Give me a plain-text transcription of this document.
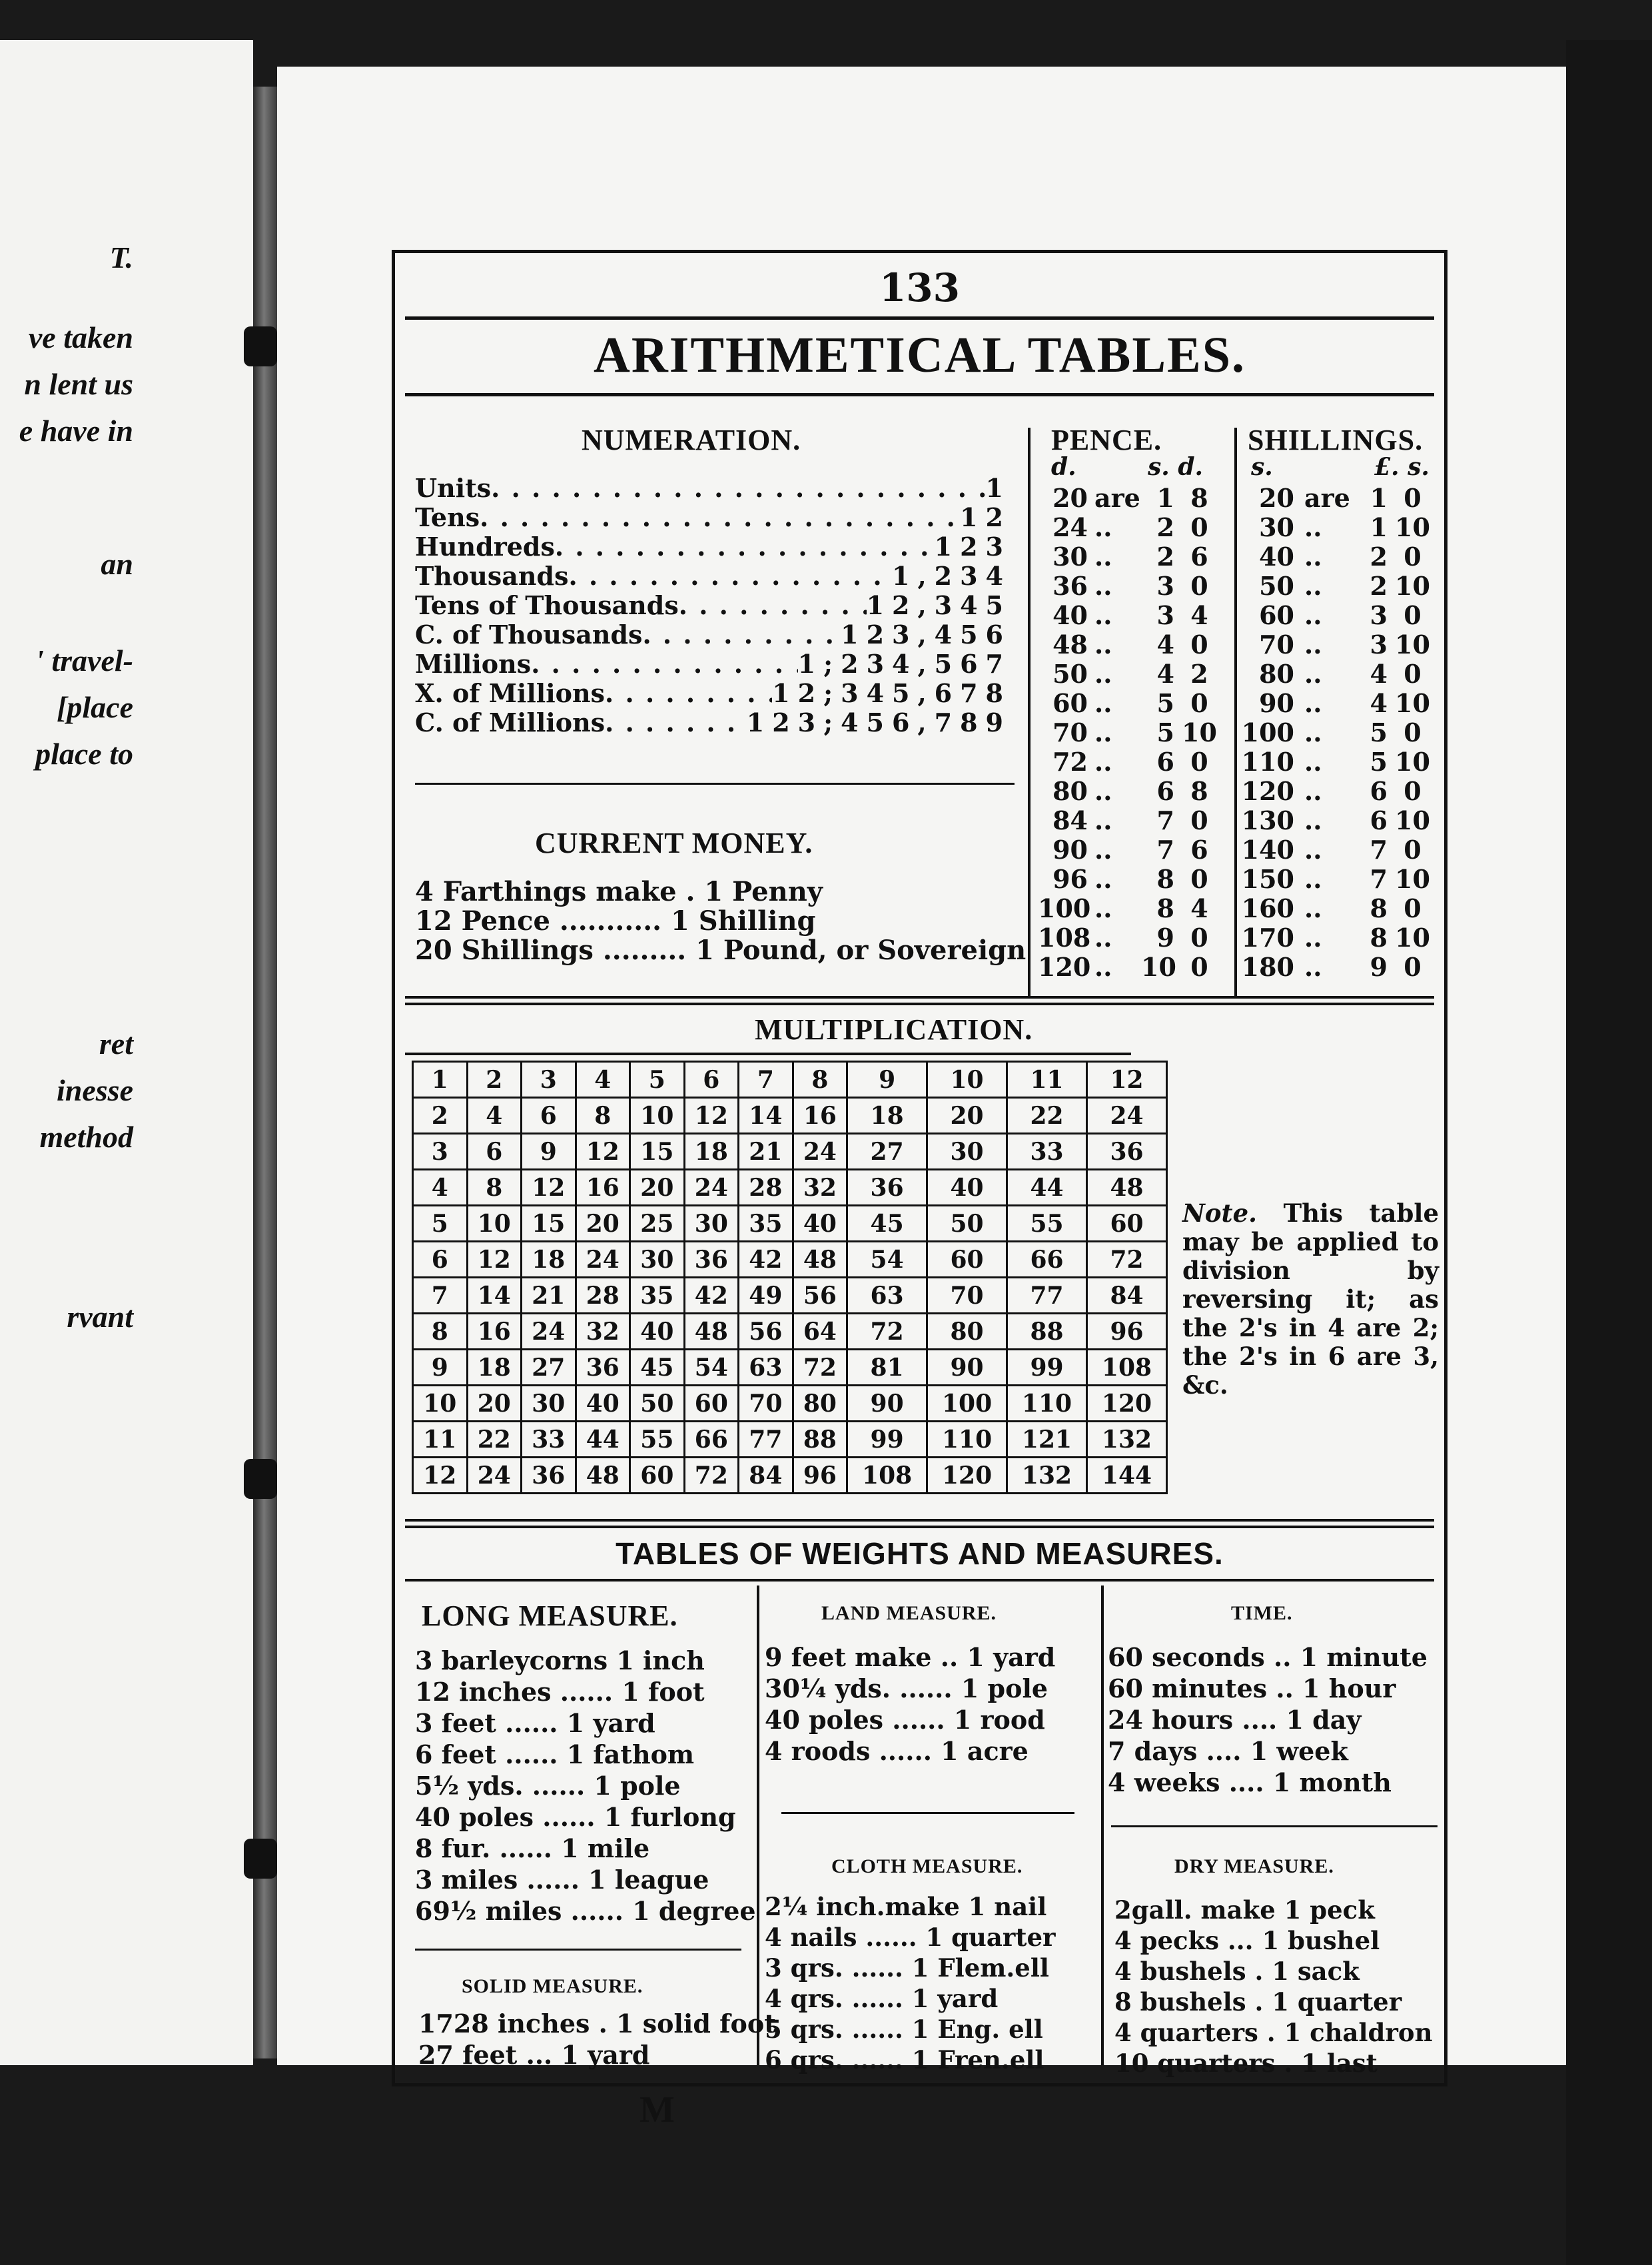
T.
ve taken
n lent us
e have in
an
' travel-
[place
place to
ret
inesse
method
rvant
133
ARITHMETICAL TABLES.
NUMERATION.
Units . . .	1
Tens . . .	12
Hundreds . . .	123
Thousands . . .	1,234
Tens of Thousands . . .	12,345
C. of Thousands . . .	123,456
Millions . . .	1;234,567
X. of Millions . . .	12;345,678
C. of Millions . . .	123;456,789
CURRENT MONEY.
4 Farthings make . 1 Penny
12 Pence ........... 1 Shilling
20 Shillings ......... 1 Pound, or Sovereign
PENCE.
d.	s. d.
20 are 1 8
24 ..	2 0
30 ..	2 6
36 ..	3 0
40 ..	3 4
48 ..	4 0
50 ..	4 2
60 ..	5 0
70 ..	5 10
72 ..	6 0
80 ..	6 8
84 ..	7 0
90 ..	7 6
96 ..	8 0
100 ..	8 4
108 ..	9 0
120 .. 10 0
SHILLINGS.
s.	£. s.
20 are 1 0
30 ..	1 10
40 ..	2 0
50 ..	2 10
60 ..	3 0
70 ..	3 10
80 ..	4 0
90 ..	4 10
100 ..	5 0
110 ..	5 10
120 ..	6 0
130 ..	6 10
140 ..	7 0
150 ..	7 10
160 ..	8 0
170 ..	8 10
180 ..	9 0
MULTIPLICATION.
1	2	3	4	5	6	7	8	9	10	11	12
2	4	6	8	10	12	14	16	18	20	22	24
3	6	9	12	15	18	21	24	27	30	33	36
4	8	12	16	20	24	28	32	36	40	44	48
5	10	15	20	25	30	35	40	45	50	55	60
6	12	18	24	30	36	42	48	54	60	66	72
7	14	21	28	35	42	49	56	63	70	77	84
8	16	24	32	40	48	56	64	72	80	88	96
9	18	27	36	45	54	63	72	81	90	99	108
10	20	30	40	50	60	70	80	90	100	110	120
11	22	33	44	55	66	77	88	99	110	121	132
12	24	36	48	60	72	84	96	108	120	132	144
Note. This table may be applied to division by reversing it; as the 2's in 4 are 2; the 2's in 6 are 3, &c.
TABLES OF WEIGHTS AND MEASURES.
LONG MEASURE.
3 barleycorns 1 inch
12 inches ...... 1 foot
3 feet ...... 1 yard
6 feet ...... 1 fathom
5½ yds. ...... 1 pole
40 poles ...... 1 furlong
8 fur. ...... 1 mile
3 miles ...... 1 league
69½ miles ...... 1 degree
SOLID MEASURE.
1728 inches . 1 solid foot
27 feet ... 1 yard
LAND MEASURE.
9 feet make .. 1 yard
30¼ yds. ...... 1 pole
40 poles ...... 1 rood
4 roods ...... 1 acre
CLOTH MEASURE.
2¼ inch.make 1 nail
4 nails ...... 1 quarter
3 qrs. ...... 1 Flem.ell
4 qrs. ...... 1 yard
5 qrs. ...... 1 Eng. ell
6 qrs. ...... 1 Fren.ell
TIME.
60 seconds .. 1 minute
60 minutes .. 1 hour
24 hours .... 1 day
7 days .... 1 week
4 weeks .... 1 month
DRY MEASURE.
2gall. make 1 peck
4 pecks ... 1 bushel
4 bushels . 1 sack
8 bushels . 1 quarter
4 quarters . 1 chaldron
10 quarters . 1 last
M
